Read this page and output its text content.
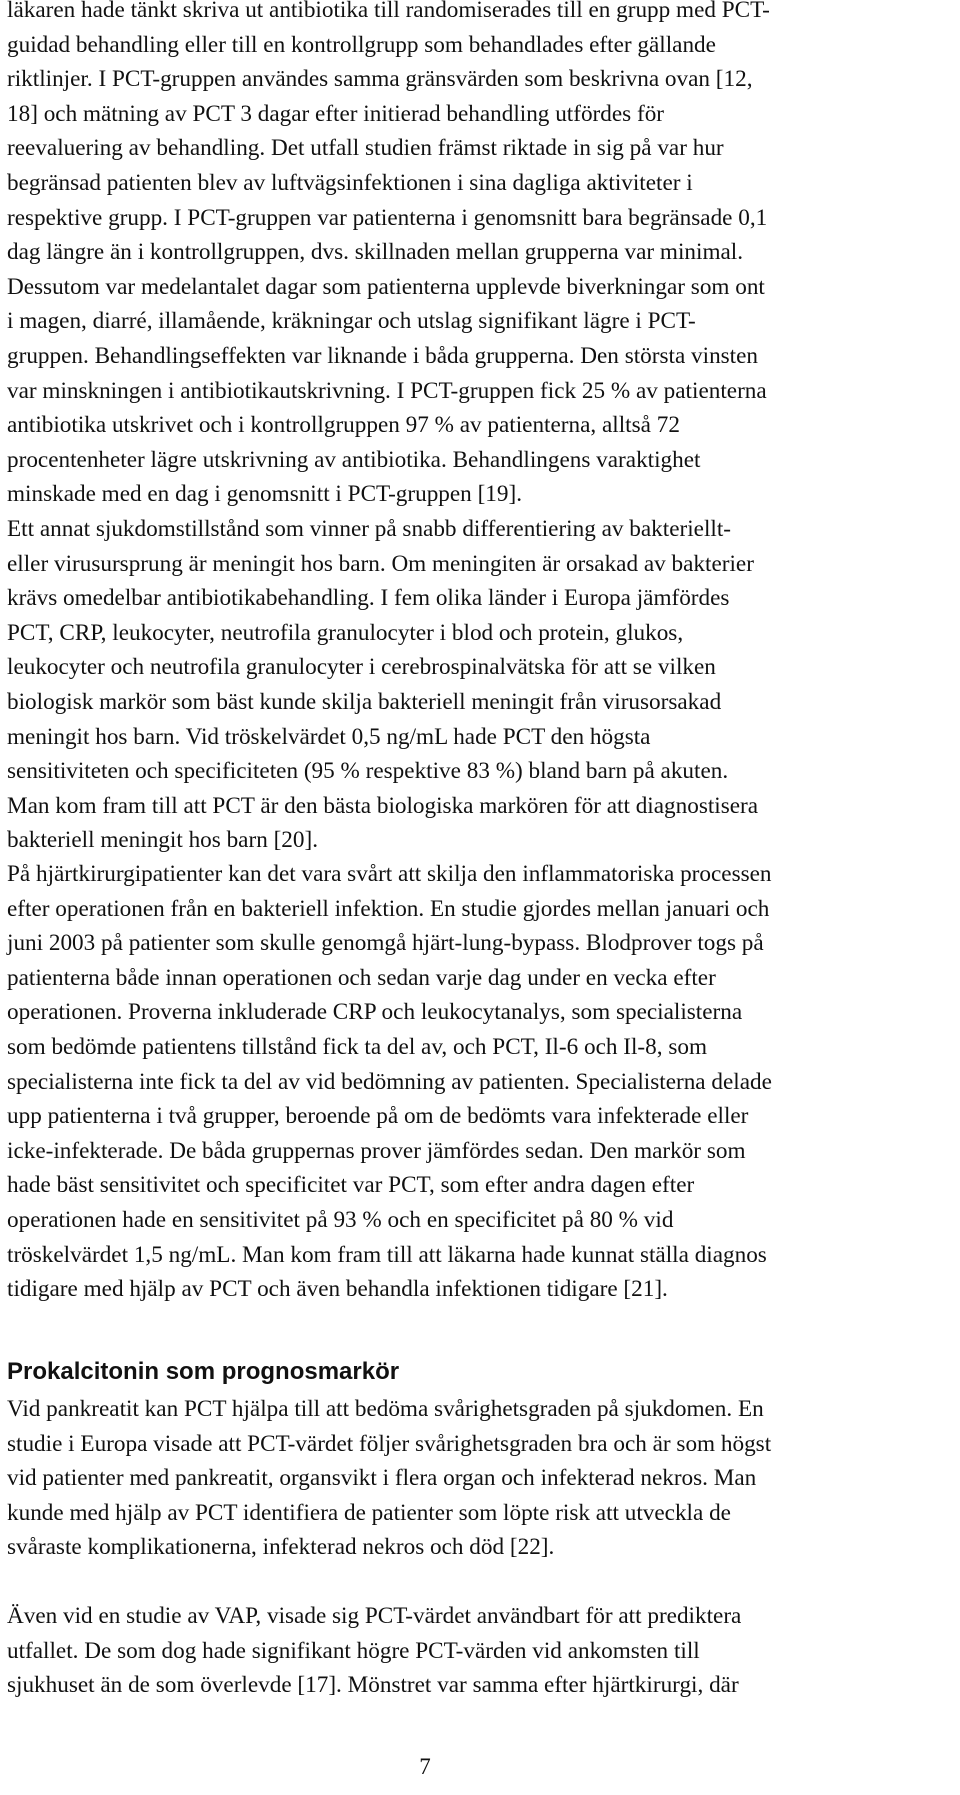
läkaren hade tänkt skriva ut antibiotika till randomiserades till en grupp med PCT-
guidad behandling eller till en kontrollgrupp som behandlades efter gällande
riktlinjer. I PCT-gruppen användes samma gränsvärden som beskrivna ovan [12,
18] och mätning av PCT 3 dagar efter initierad behandling utfördes för
reevaluering av behandling. Det utfall studien främst riktade in sig på var hur
begränsad patienten blev av luftvägsinfektionen i sina dagliga aktiviteter i
respektive grupp. I PCT-gruppen var patienterna i genomsnitt bara begränsade 0,1
dag längre än i kontrollgruppen, dvs. skillnaden mellan grupperna var minimal.
Dessutom var medelantalet dagar som patienterna upplevde biverkningar som ont
i magen, diarré, illamående, kräkningar och utslag signifikant lägre i PCT-
gruppen. Behandlingseffekten var liknande i båda grupperna. Den största vinsten
var minskningen i antibiotikautskrivning. I PCT-gruppen fick 25 % av patienterna
antibiotika utskrivet och i kontrollgruppen 97 % av patienterna, alltså 72
procentenheter lägre utskrivning av antibiotika. Behandlingens varaktighet
minskade med en dag i genomsnitt i PCT-gruppen [19].
Ett annat sjukdomstillstånd som vinner på snabb differentiering av bakteriellt-
eller virusursprung är meningit hos barn. Om meningiten är orsakad av bakterier
krävs omedelbar antibiotikabehandling. I fem olika länder i Europa jämfördes
PCT, CRP, leukocyter, neutrofila granulocyter i blod och protein, glukos,
leukocyter och neutrofila granulocyter i cerebrospinalvätska för att se vilken
biologisk markör som bäst kunde skilja bakteriell meningit från virusorsakad
meningit hos barn. Vid tröskelvärdet 0,5 ng/mL hade PCT den högsta
sensitiviteten och specificiteten (95 % respektive 83 %) bland barn på akuten.
Man kom fram till att PCT är den bästa biologiska markören för att diagnostisera
bakteriell meningit hos barn [20].
På hjärtkirurgipatienter kan det vara svårt att skilja den inflammatoriska processen
efter operationen från en bakteriell infektion. En studie gjordes mellan januari och
juni 2003 på patienter som skulle genomgå hjärt-lung-bypass. Blodprover togs på
patienterna både innan operationen och sedan varje dag under en vecka efter
operationen. Proverna inkluderade CRP och leukocytanalys, som specialisterna
som bedömde patientens tillstånd fick ta del av, och PCT, Il-6 och Il-8, som
specialisterna inte fick ta del av vid bedömning av patienten. Specialisterna delade
upp patienterna i två grupper, beroende på om de bedömts vara infekterade eller
icke-infekterade. De båda gruppernas prover jämfördes sedan. Den markör som
hade bäst sensitivitet och specificitet var PCT, som efter andra dagen efter
operationen hade en sensitivitet på 93 % och en specificitet på 80 % vid
tröskelvärdet 1,5 ng/mL. Man kom fram till att läkarna hade kunnat ställa diagnos
tidigare med hjälp av PCT och även behandla infektionen tidigare [21].
Prokalcitonin som prognosmarkör
Vid pankreatit kan PCT hjälpa till att bedöma svårighetsgraden på sjukdomen. En
studie i Europa visade att PCT-värdet följer svårighetsgraden bra och är som högst
vid patienter med pankreatit, organsvikt i flera organ och infekterad nekros. Man
kunde med hjälp av PCT identifiera de patienter som löpte risk att utveckla de
svåraste komplikationerna, infekterad nekros och död [22].
Även vid en studie av VAP, visade sig PCT-värdet användbart för att prediktera
utfallet. De som dog hade signifikant högre PCT-värden vid ankomsten till
sjukhuset än de som överlevde [17]. Mönstret var samma efter hjärtkirurgi, där

7
